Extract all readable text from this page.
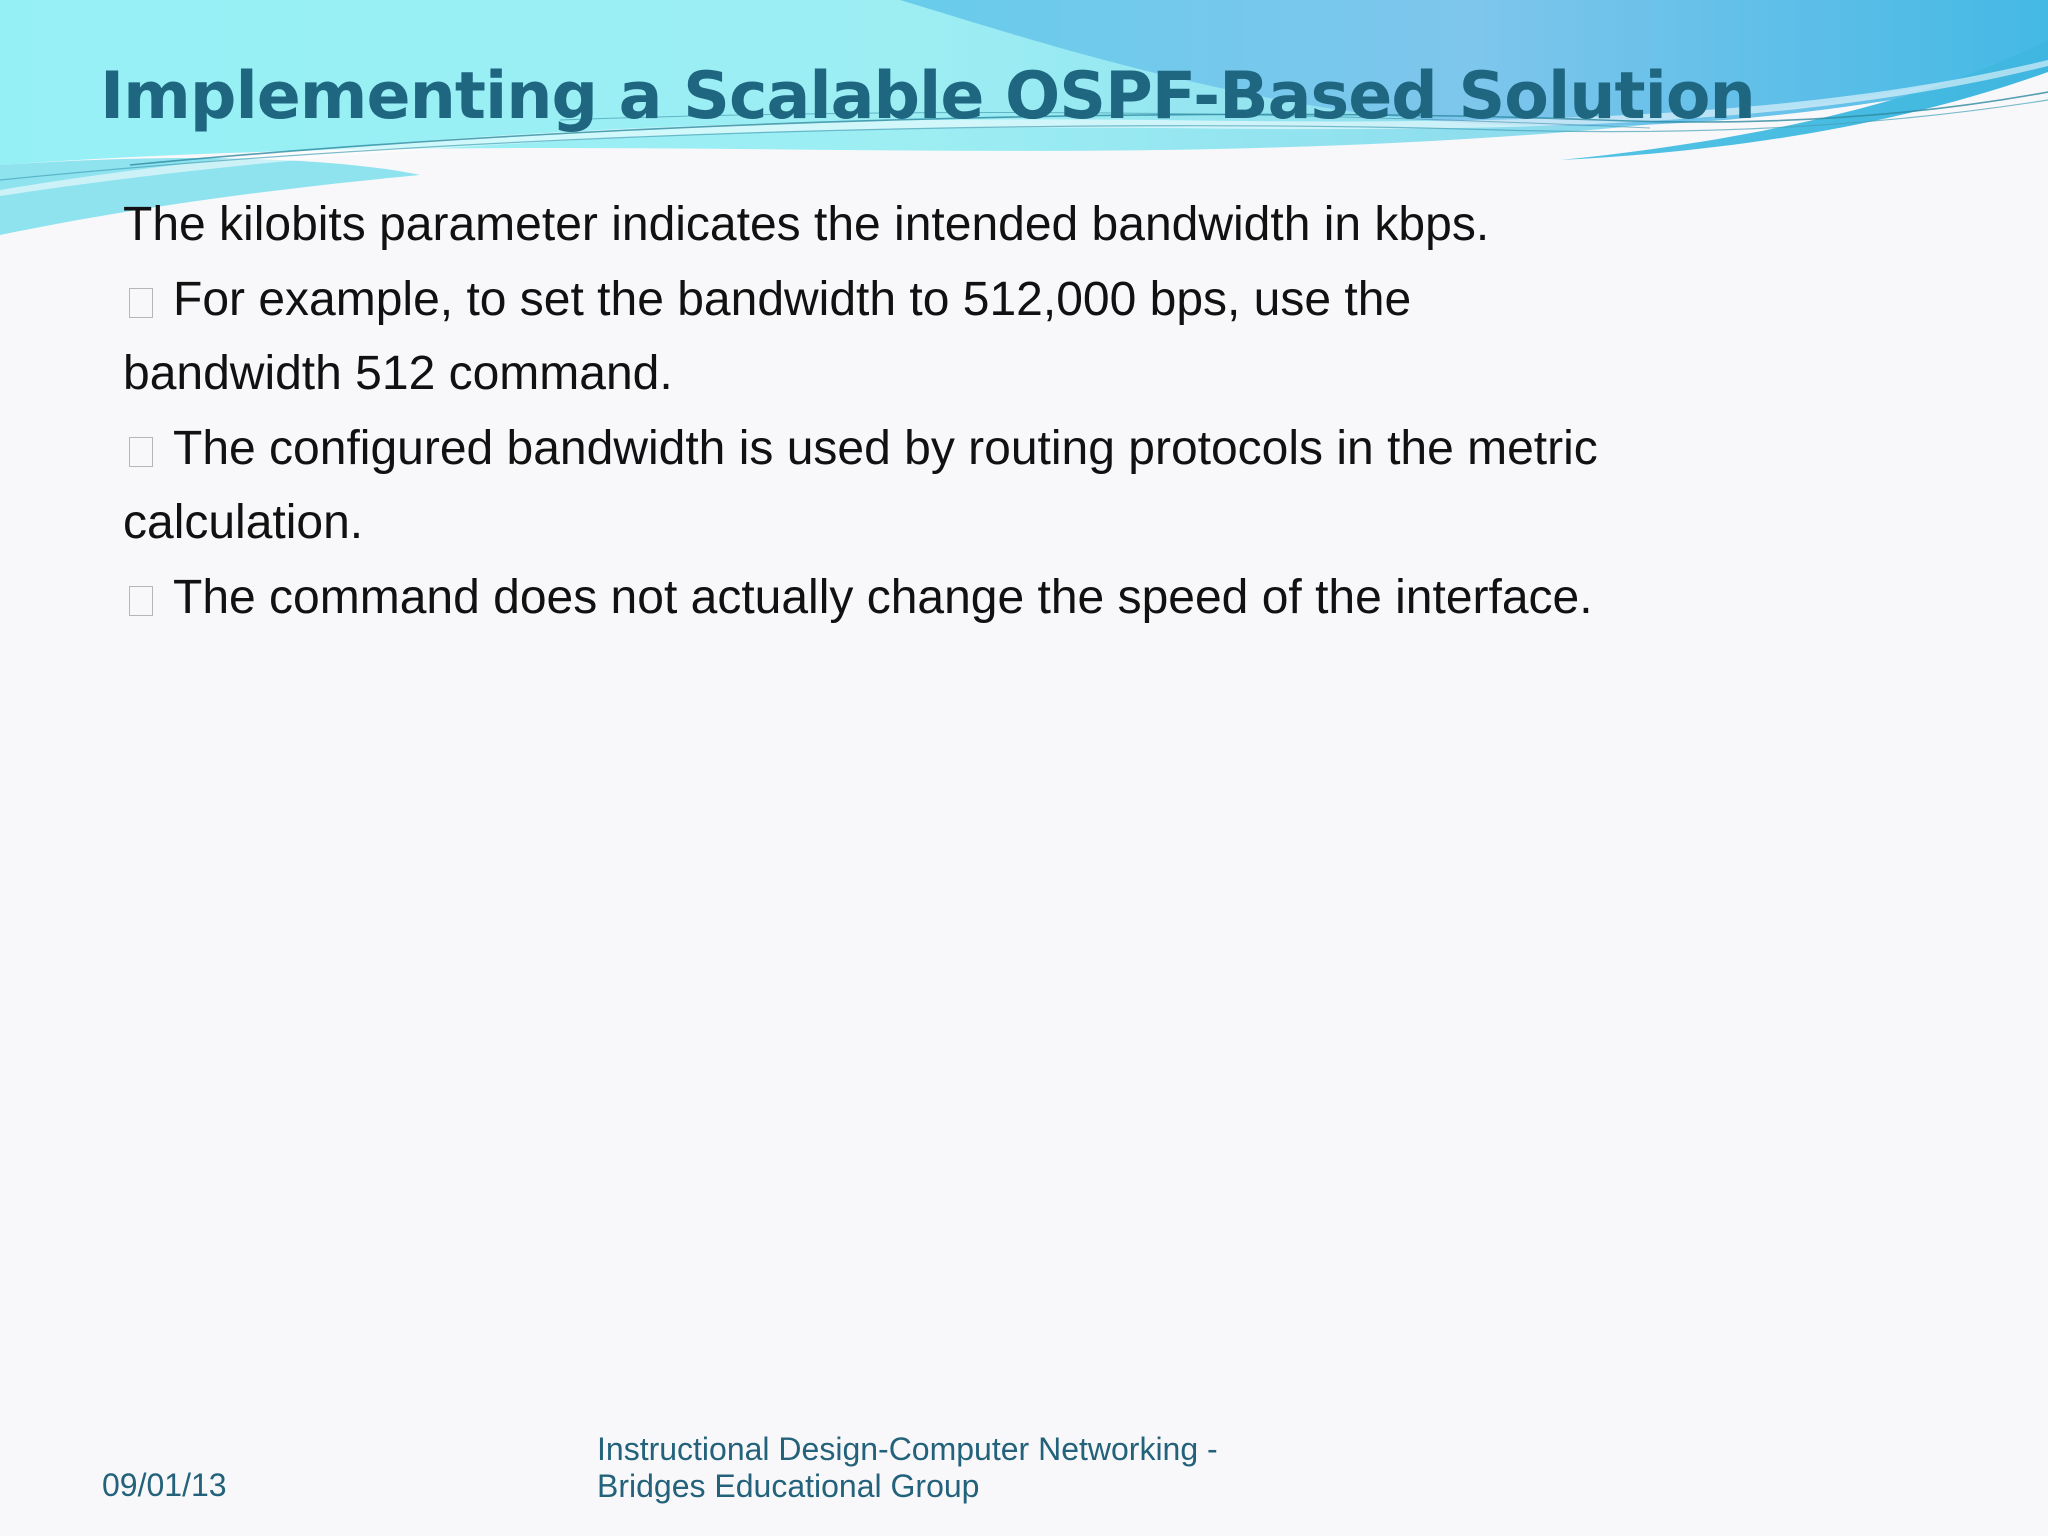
Implementing a Scalable OSPF-Based Solution
The kilobits parameter indicates the intended bandwidth in kbps.
For example, to set the bandwidth to 512,000 bps, use the
bandwidth 512 command.
The configured bandwidth is used by routing protocols in the metric
calculation.
The command does not actually change the speed of the interface.
09/01/13
Instructional Design-Computer Networking -
Bridges Educational Group
